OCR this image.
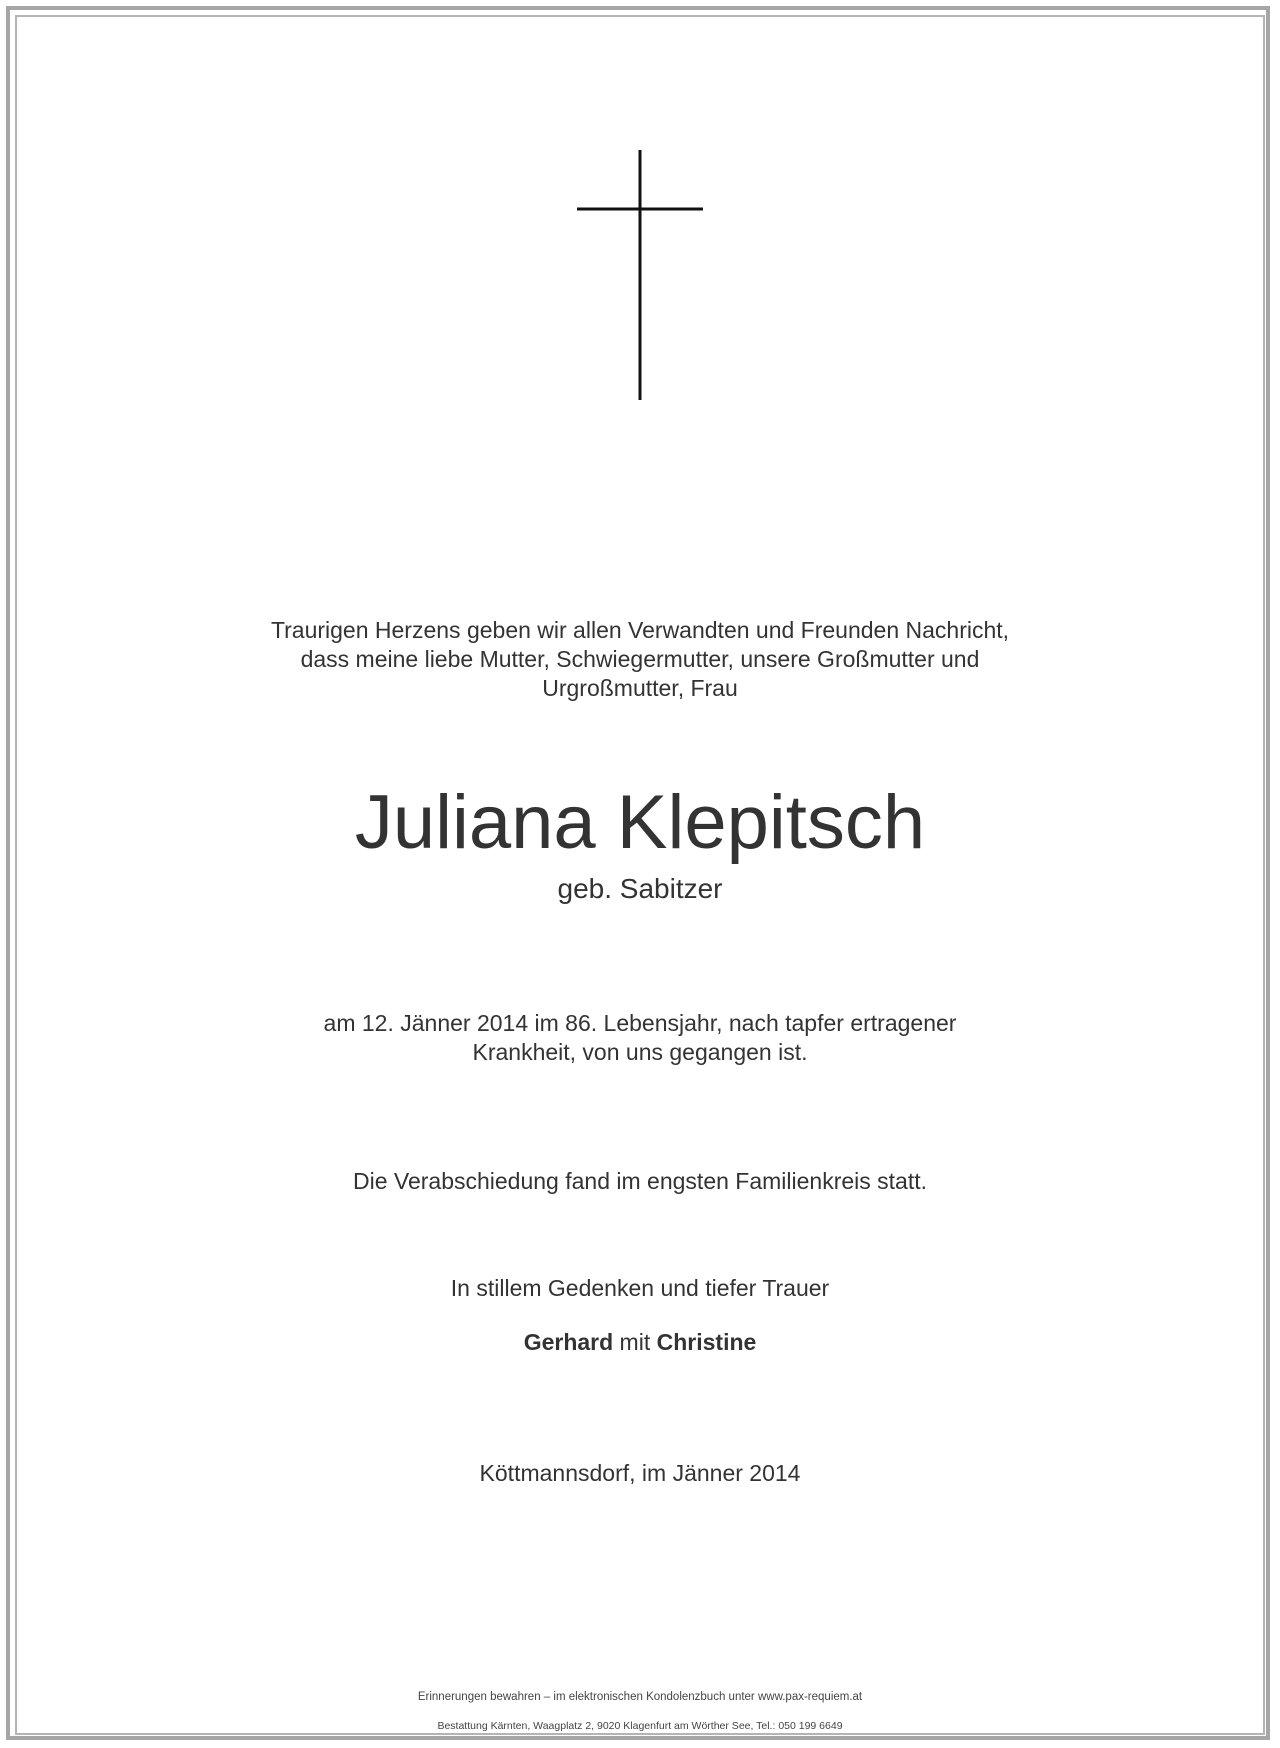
Traurigen Herzens geben wir allen Verwandten und Freunden Nachricht,
dass meine liebe Mutter, Schwiegermutter, unsere Großmutter und
Urgroßmutter, Frau
Juliana Klepitsch
geb. Sabitzer
am 12. Jänner 2014 im 86. Lebensjahr, nach tapfer ertragener
Krankheit, von uns gegangen ist.
Die Verabschiedung fand im engsten Familienkreis statt.
In stillem Gedenken und tiefer Trauer
Gerhard mit Christine
Köttmannsdorf, im Jänner 2014
Erinnerungen bewahren – im elektronischen Kondolenzbuch unter www.pax-requiem.at
Bestattung Kärnten, Waagplatz 2, 9020 Klagenfurt am Wörther See, Tel.: 050 199 6649
